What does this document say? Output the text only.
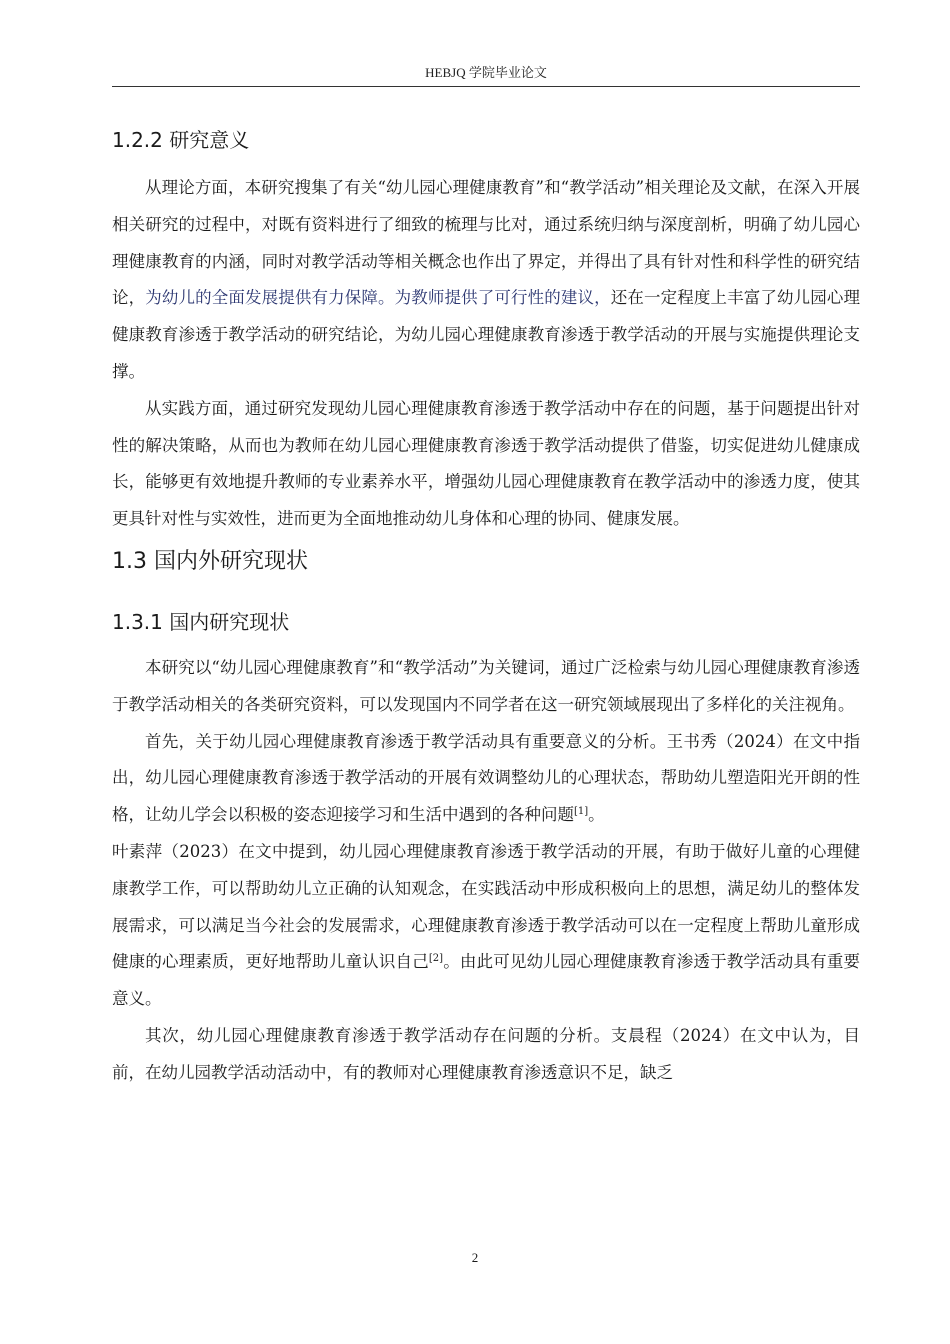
HEBJQ 学院毕业论文
1.2.2 研究意义

从理论方面，本研究搜集了有关“幼儿园心理健康教育”和“教学活动”相关理论及文献，在深入开展相关研究的过程中，对既有资料进行了细致的梳理与比对，通过系统归纳与深度剖析，明确了幼儿园心理健康教育的内涵，同时对教学活动等相关概念也作出了界定，并得出了具有针对性和科学性的研究结论，为幼儿的全面发展提供有力保障。为教师提供了可行性的建议，还在一定程度上丰富了幼儿园心理健康教育渗透于教学活动的研究结论，为幼儿园心理健康教育渗透于教学活动的开展与实施提供理论支撑。

从实践方面，通过研究发现幼儿园心理健康教育渗透于教学活动中存在的问题，基于问题提出针对性的解决策略，从而也为教师在幼儿园心理健康教育渗透于教学活动提供了借鉴，切实促进幼儿健康成长，能够更有效地提升教师的专业素养水平，增强幼儿园心理健康教育在教学活动中的渗透力度，使其更具针对性与实效性，进而更为全面地推动幼儿身体和心理的协同、健康发展。

1.3 国内外研究现状
1.3.1 国内研究现状

本研究以“幼儿园心理健康教育”和“教学活动”为关键词，通过广泛检索与幼儿园心理健康教育渗透于教学活动相关的各类研究资料，可以发现国内不同学者在这一研究领域展现出了多样化的关注视角。

首先，关于幼儿园心理健康教育渗透于教学活动具有重要意义的分析。王书秀（2024）在文中指出，幼儿园心理健康教育渗透于教学活动的开展有效调整幼儿的心理状态，帮助幼儿塑造阳光开朗的性格，让幼儿学会以积极的姿态迎接学习和生活中遇到的各种问题[1]。

叶素萍（2023）在文中提到，幼儿园心理健康教育渗透于教学活动的开展，有助于做好儿童的心理健康教学工作，可以帮助幼儿立正确的认知观念，在实践活动中形成积极向上的思想，满足幼儿的整体发展需求，可以满足当今社会的发展需求，心理健康教育渗透于教学活动可以在一定程度上帮助儿童形成健康的心理素质，更好地帮助儿童认识自己[2]。由此可见幼儿园心理健康教育渗透于教学活动具有重要意义。

其次，幼儿园心理健康教育渗透于教学活动存在问题的分析。支晨程（2024）在文中认为，目前，在幼儿园教学活动活动中，有的教师对心理健康教育渗透意识不足，缺乏

2
